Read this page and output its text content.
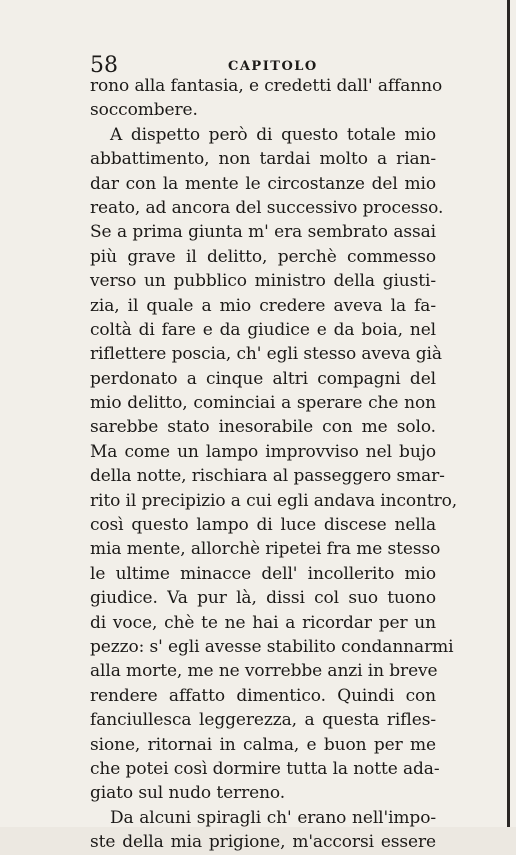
58	CAPITOLO
rono alla fantasia, e credetti dall' affanno
soccombere.
A dispetto però di questo totale mio
abbattimento, non tardai molto a rian-
dar con la mente le circostanze del mio
reato, ad ancora del successivo processo.
Se a prima giunta m' era sembrato assai
più grave il delitto, perchè commesso
verso un pubblico ministro della giusti-
zia, il quale a mio credere aveva la fa-
coltà di fare e da giudice e da boia, nel
riflettere poscia, ch' egli stesso aveva già
perdonato a cinque altri compagni del
mio delitto, cominciai a sperare che non
sarebbe stato inesorabile con me solo.
Ma come un lampo improvviso nel bujo
della notte, rischiara al passeggero smar-
rito il precipizio a cui egli andava incontro,
così questo lampo di luce discese nella
mia mente, allorchè ripetei fra me stesso
le ultime minacce dell' incollerito mio
giudice. Va pur là, dissi col suo tuono
di voce, chè te ne hai a ricordar per un
pezzo: s' egli avesse stabilito condannarmi
alla morte, me ne vorrebbe anzi in breve
rendere affatto dimentico. Quindi con
fanciullesca leggerezza, a questa rifles-
sione, ritornai in calma, e buon per me
che potei così dormire tutta la notte ada-
giato sul nudo terreno.
Da alcuni spiragli ch' erano nell'impo-
ste della mia prigione, m'accorsi essere
